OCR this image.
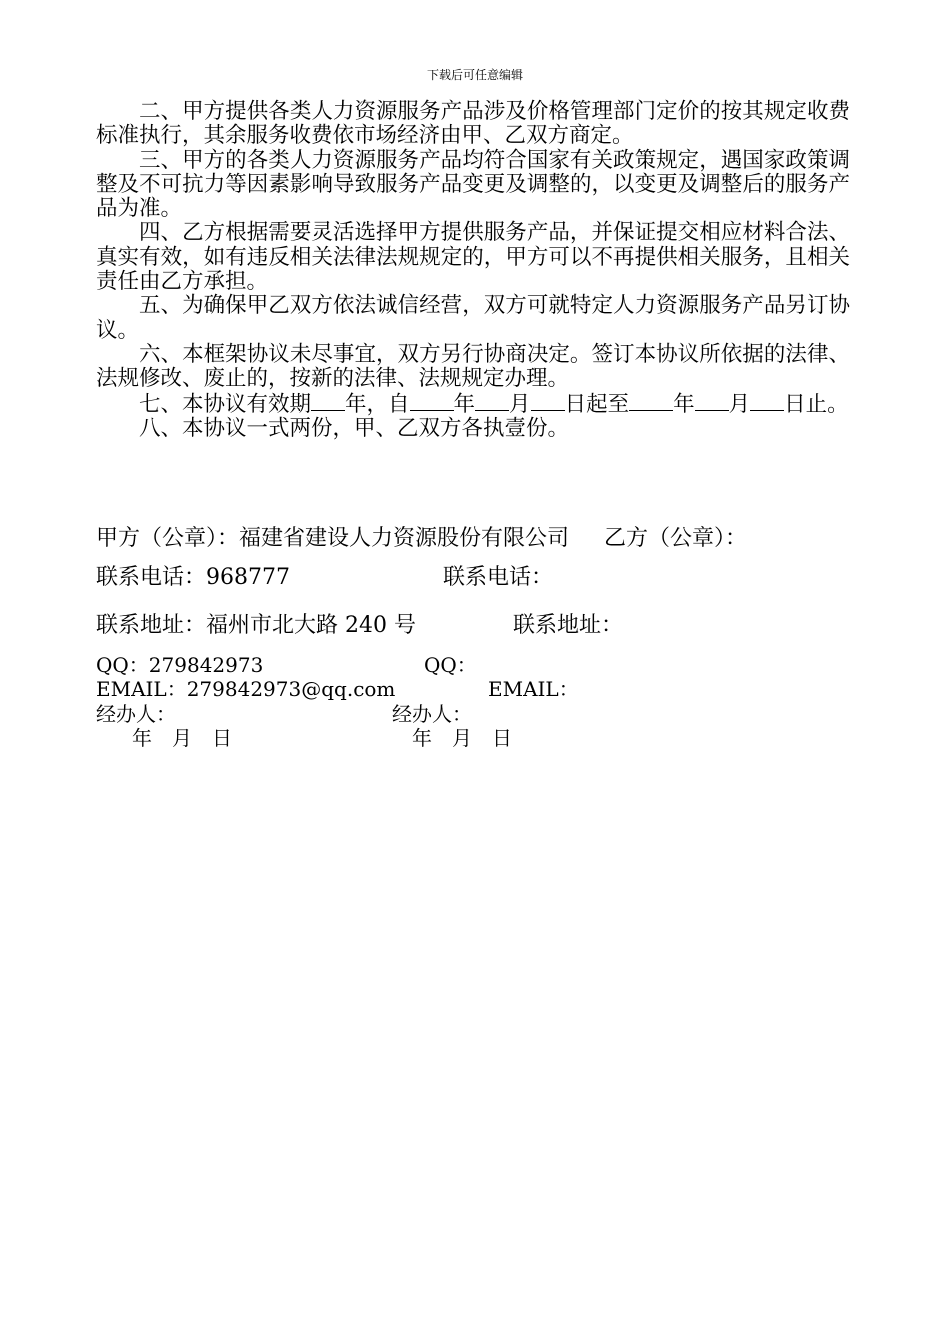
下载后可任意编辑

二、甲方提供各类人力资源服务产品涉及价格管理部门定价的按其规定收费标准执行，其余服务收费依市场经济由甲、乙双方商定。

三、甲方的各类人力资源服务产品均符合国家有关政策规定，遇国家政策调整及不可抗力等因素影响导致服务产品变更及调整的，以变更及调整后的服务产品为准。

四、乙方根据需要灵活选择甲方提供服务产品，并保证提交相应材料合法、真实有效，如有违反相关法律法规规定的，甲方可以不再提供相关服务，且相关责任由乙方承担。

五、为确保甲乙双方依法诚信经营，双方可就特定人力资源服务产品另订协议。

六、本框架协议未尽事宜，双方另行协商决定。签订本协议所依据的法律、法规修改、废止的，按新的法律、法规规定办理。

七、本协议有效期 年，自 年 月 日起至 年 月 日止。

八、本协议一式两份，甲、乙双方各执壹份。

甲方（公章）：福建省建设人力资源股份有限公司 乙方（公章）：
联系电话：968777	联系电话：
联系地址：福州市北大路 240 号	联系地址：
QQ：279842973	QQ：
EMAIL：279842973@qq.com	EMAIL：
经办人：	经办人：
年　月　日	年　月　日
